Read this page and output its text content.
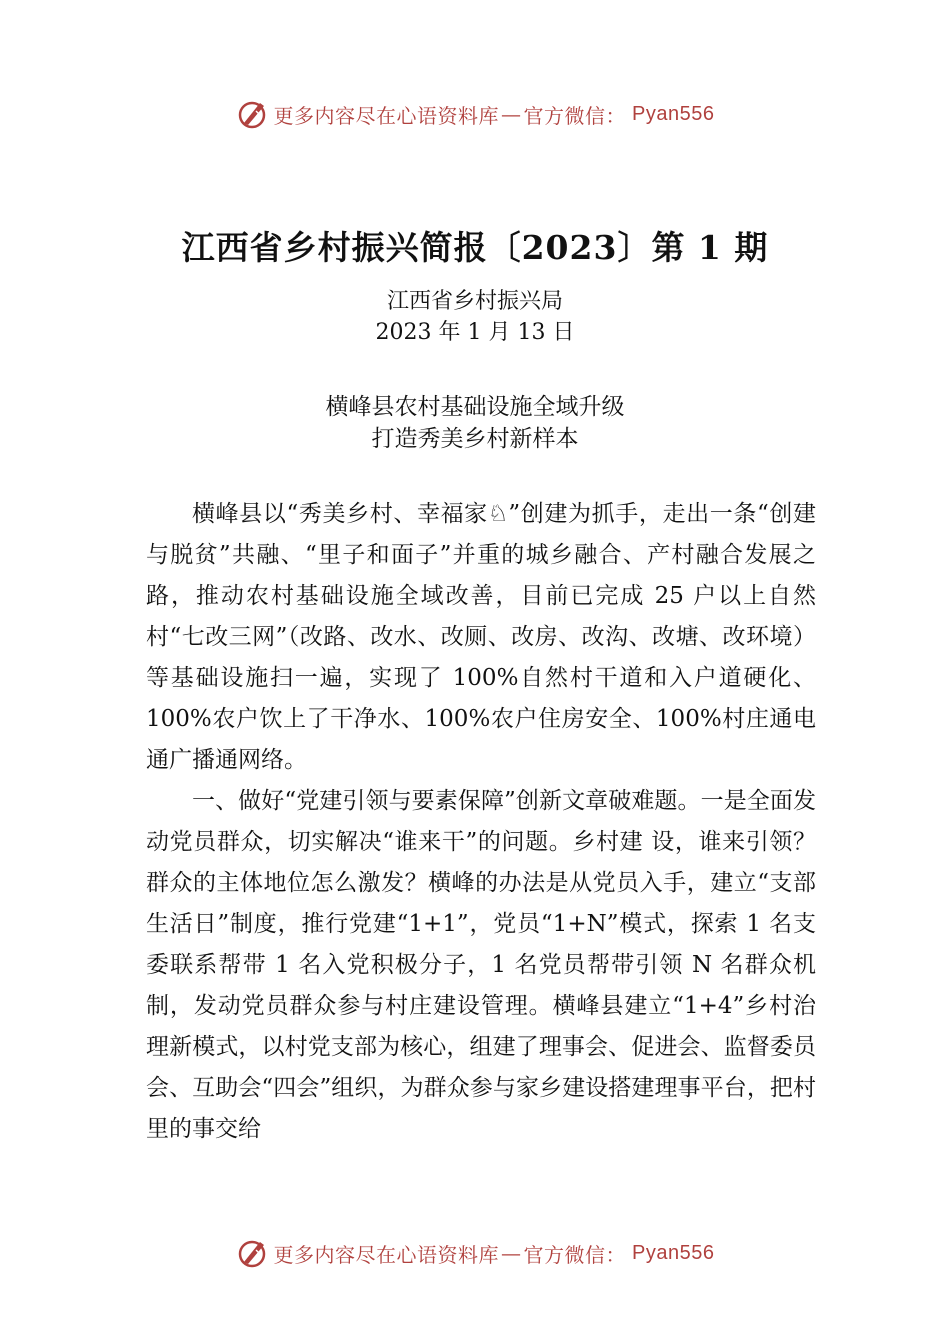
更多内容尽在心语资料库 — 官方微信： Pyan556
江西省乡村振兴简报〔2023〕第 1 期
江西省乡村振兴局
2023 年 1 月 13 日
横峰县农村基础设施全域升级
打造秀美乡村新样本

横峰县以“秀美乡村、幸福家♘”创建为抓手，走出一条“创建与脱贫”共融、“里子和面子”并重的城乡融合、产村融合发展之路，推动农村基础设施全域改善，目前已完成 25 户以上自然村“七改三网”（改路、改水、改厕、改房、改沟、改塘、改环境）等基础设施扫一遍，实现了 100%自然村干道和入户道硬化、100%农户饮上了干净水、100%农户住房安全、100%村庄通电通广播通网络。

一、做好“党建引领与要素保障”创新文章破难题。一是全面发动党员群众，切实解决“谁来干”的问题。乡村建 设，谁来引领？群众的主体地位怎么激发？横峰的办法是从党员入手，建立“支部生活日”制度，推行党建“1+1”，党员“1+N”模式，探索 1 名支委联系帮带 1 名入党积极分子，1 名党员帮带引领 N 名群众机制，发动党员群众参与村庄建设管理。横峰县建立“1+4”乡村治理新模式，以村党支部为核心，组建了理事会、促进会、监督委员会、互助会“四会”组织，为群众参与家乡建设搭建理事平台，把村里的事交给

更多内容尽在心语资料库 — 官方微信： Pyan556
